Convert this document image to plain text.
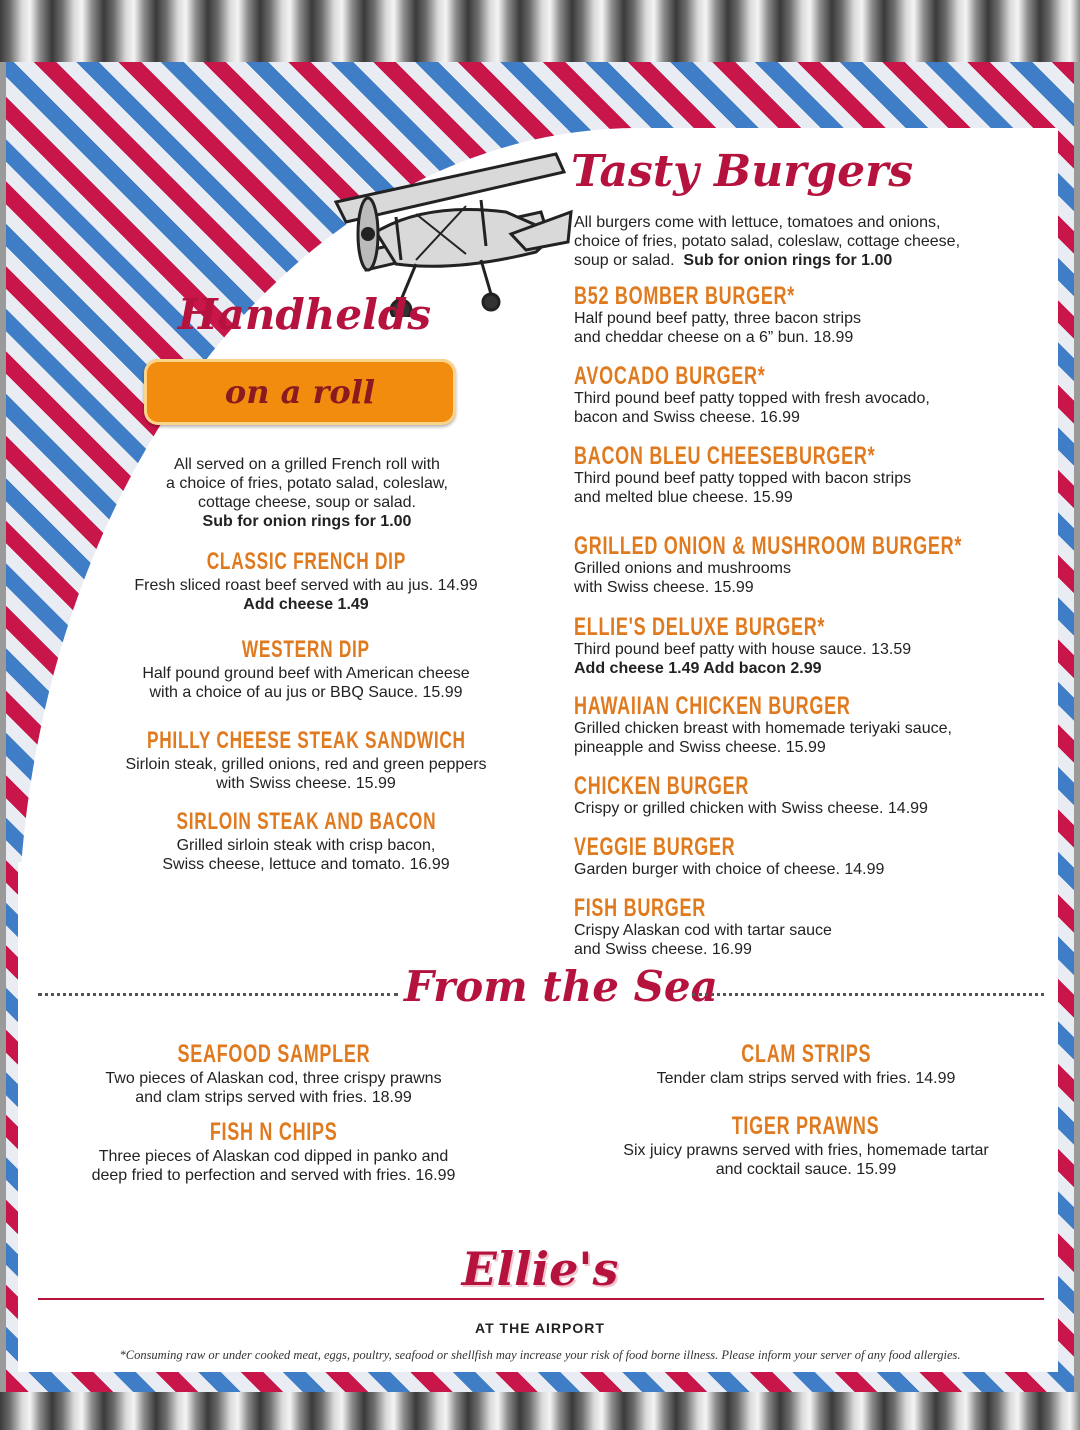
Handhelds
on a roll
All served on a grilled French roll with
a choice of fries, potato salad, coleslaw,
cottage cheese, soup or salad.
Sub for onion rings for 1.00
CLASSIC FRENCH DIP
Fresh sliced roast beef served with au jus. 14.99
Add cheese 1.49
WESTERN DIP
Half pound ground beef with American cheese
with a choice of au jus or BBQ Sauce. 15.99
PHILLY CHEESE STEAK SANDWICH
Sirloin steak, grilled onions, red and green peppers
with Swiss cheese. 15.99
SIRLOIN STEAK AND BACON
Grilled sirloin steak with crisp bacon,
Swiss cheese, lettuce and tomato. 16.99
Tasty Burgers
All burgers come with lettuce, tomatoes and onions,
choice of fries, potato salad, coleslaw, cottage cheese,
soup or salad. Sub for onion rings for 1.00
B52 BOMBER BURGER*
Half pound beef patty, three bacon strips
and cheddar cheese on a 6” bun. 18.99
AVOCADO BURGER*
Third pound beef patty topped with fresh avocado,
bacon and Swiss cheese. 16.99
BACON BLEU CHEESEBURGER*
Third pound beef patty topped with bacon strips
and melted blue cheese. 15.99
GRILLED ONION & MUSHROOM BURGER*
Grilled onions and mushrooms
with Swiss cheese. 15.99
ELLIE'S DELUXE BURGER*
Third pound beef patty with house sauce. 13.59
Add cheese 1.49 Add bacon 2.99
HAWAIIAN CHICKEN BURGER
Grilled chicken breast with homemade teriyaki sauce,
pineapple and Swiss cheese. 15.99
CHICKEN BURGER
Crispy or grilled chicken with Swiss cheese. 14.99
VEGGIE BURGER
Garden burger with choice of cheese. 14.99
FISH BURGER
Crispy Alaskan cod with tartar sauce
and Swiss cheese. 16.99
From the Sea
SEAFOOD SAMPLER
Two pieces of Alaskan cod, three crispy prawns
and clam strips served with fries. 18.99
FISH N CHIPS
Three pieces of Alaskan cod dipped in panko and
deep fried to perfection and served with fries. 16.99
CLAM STRIPS
Tender clam strips served with fries. 14.99
TIGER PRAWNS
Six juicy prawns served with fries, homemade tartar
and cocktail sauce. 15.99
Ellie's
AT THE AIRPORT
*Consuming raw or under cooked meat, eggs, poultry, seafood or shellfish may increase your risk of food borne illness. Please inform your server of any food allergies.
